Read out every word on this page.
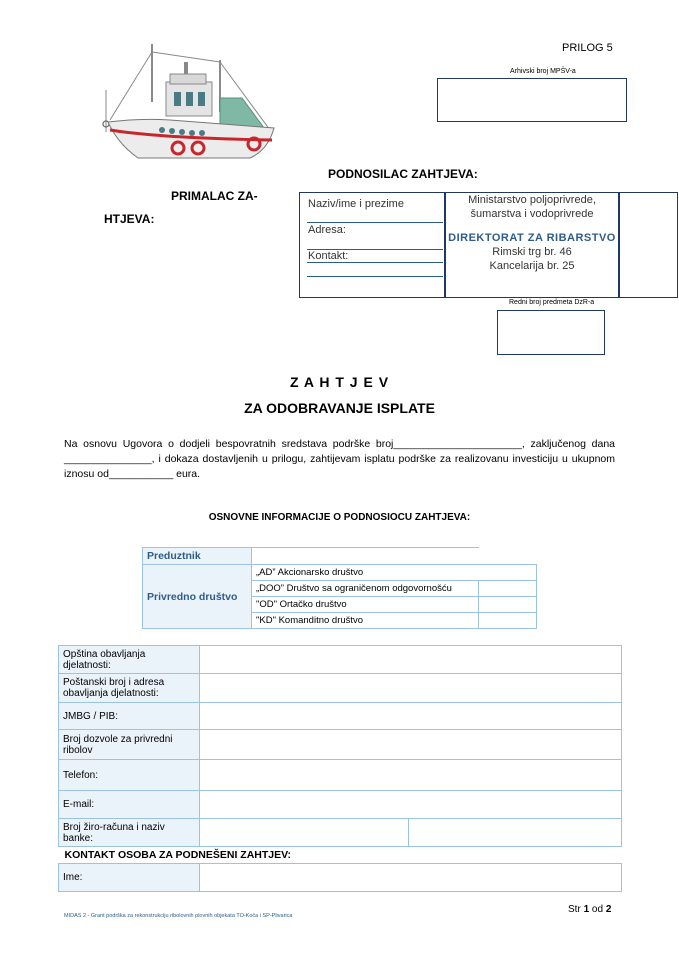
PRILOG 5
Arhivski broj MPŠV-a
PODNOSILAC ZAHTJEVA:
PRIMALAC ZA-
HTJEVA:
Naziv/ime i prezime
Adresa:
Kontakt:
Ministarstvo poljoprivrede,
šumarstva i vodoprivrede
DIREKTORAT ZA RIBARSTVO
Rimski trg br. 46
Kancelarija br. 25
Redni broj predmeta DzR-a
Z A H T J E V
ZA ODOBRAVANJE ISPLATE
Na osnovu Ugovora o dodjeli bespovratnih sredstava podrške broj______________________, zaključenog dana _______________, i dokaza dostavljenih u prilogu, zahtijevam isplatu podrške za realizovanu investiciju u ukupnom iznosu od___________ eura.
OSNOVNE INFORMACIJE O PODNOSIOCU ZAHTJEVA:
Preduztnik		
Privredno društvo	„AD” Akcionarsko društvo	
	„DOO” Društvo sa ograničenom odgovornošću	
	"OD" Ortačko društvo	
	"KD" Komanditno društvo	
Opština obavljanja djelatnosti:		
Poštanski broj i adresa obavljanja djelatnosti:		
JMBG / PIB:		
Broj dozvole za privredni ribolov		
Telefon:		
E-mail:		
Broj žiro-računa i naziv banke:		
KONTAKT OSOBA ZA PODNEŠENI ZAHTJEV:		
Ime:		
Str 1 od 2
MIDAS 2 - Grant podrška za rekonstrukciju ribolovnih plovnih objekata TO-Koča i SP-Plivarica
